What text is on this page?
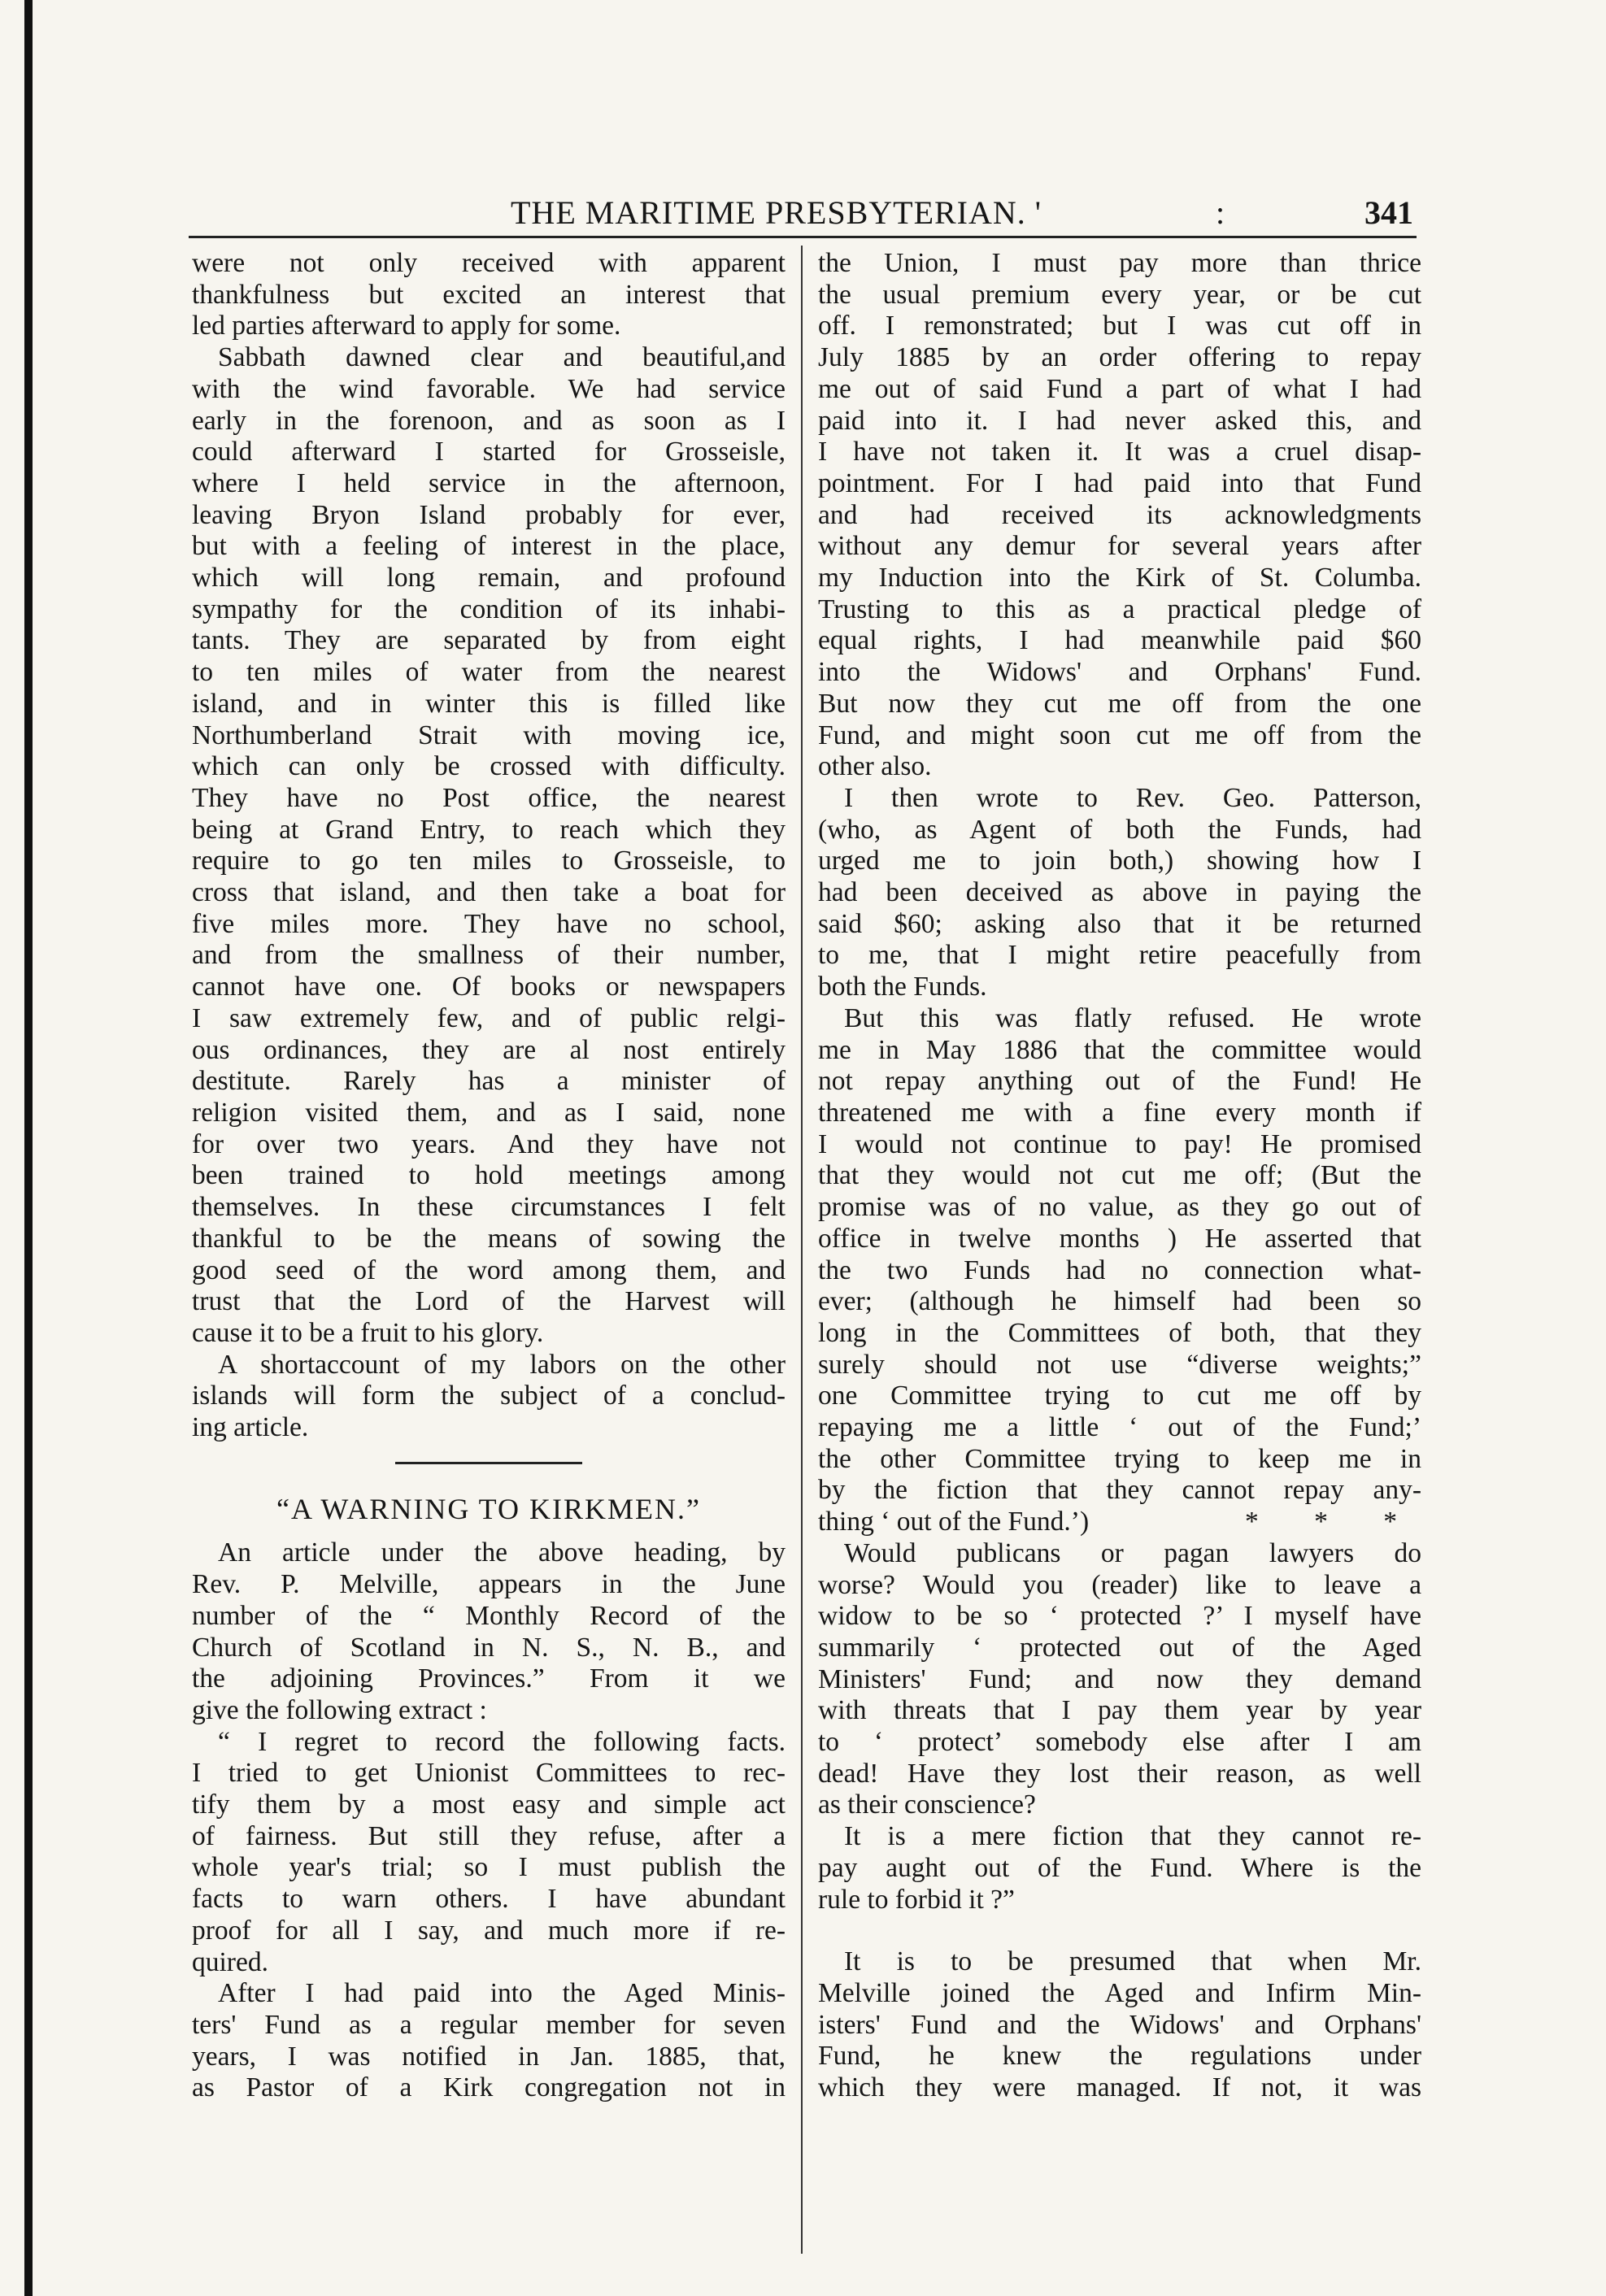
THE MARITIME PRESBYTERIAN. '	:	341
were not only received with apparent
thankfulness but excited an interest that
led parties afterward to apply for some.
Sabbath dawned clear and beautiful,and
with the wind favorable. We had service
early in the forenoon, and as soon as I
could afterward I started for Grosseisle,
where I held service in the afternoon,
leaving Bryon Island probably for ever,
but with a feeling of interest in the place,
which will long remain, and profound
sympathy for the condition of its inhabi-
tants. They are separated by from eight
to ten miles of water from the nearest
island, and in winter this is filled like
Northumberland Strait with moving ice,
which can only be crossed with difficulty.
They have no Post office, the nearest
being at Grand Entry, to reach which they
require to go ten miles to Grosseisle, to
cross that island, and then take a boat for
five miles more. They have no school,
and from the smallness of their number,
cannot have one. Of books or newspapers
I saw extremely few, and of public relgi-
ous ordinances, they are al nost entirely
destitute. Rarely has a minister of
religion visited them, and as I said, none
for over two years. And they have not
been trained to hold meetings among
themselves. In these circumstances I felt
thankful to be the means of sowing the
good seed of the word among them, and
trust that the Lord of the Harvest will
cause it to be a fruit to his glory.
A shortaccount of my labors on the other
islands will form the subject of a conclud-
ing article.
“A WARNING TO KIRKMEN.”
An article under the above heading, by
Rev. P. Melville, appears in the June
number of the “ Monthly Record of the
Church of Scotland in N. S., N. B., and
the adjoining Provinces.” From it we
give the following extract :
“ I regret to record the following facts.
I tried to get Unionist Committees to rec-
tify them by a most easy and simple act
of fairness. But still they refuse, after a
whole year's trial; so I must publish the
facts to warn others. I have abundant
proof for all I say, and much more if re-
quired.
After I had paid into the Aged Minis-
ters' Fund as a regular member for seven
years, I was notified in Jan. 1885, that,
as Pastor of a Kirk congregation not in
the Union, I must pay more than thrice
the usual premium every year, or be cut
off. I remonstrated; but I was cut off in
July 1885 by an order offering to repay
me out of said Fund a part of what I had
paid into it. I had never asked this, and
I have not taken it. It was a cruel disap-
pointment. For I had paid into that Fund
and had received its acknowledgments
without any demur for several years after
my Induction into the Kirk of St. Columba.
Trusting to this as a practical pledge of
equal rights, I had meanwhile paid $60
into the Widows' and Orphans' Fund.
But now they cut me off from the one
Fund, and might soon cut me off from the
other also.
I then wrote to Rev. Geo. Patterson,
(who, as Agent of both the Funds, had
urged me to join both,) showing how I
had been deceived as above in paying the
said $60; asking also that it be returned
to me, that I might retire peacefully from
both the Funds.
But this was flatly refused. He wrote
me in May 1886 that the committee would
not repay anything out of the Fund! He
threatened me with a fine every month if
I would not continue to pay! He promised
that they would not cut me off; (But the
promise was of no value, as they go out of
office in twelve months ) He asserted that
the two Funds had no connection what-
ever; (although he himself had been so
long in the Committees of both, that they
surely should not use “diverse weights;”
one Committee trying to cut me off by
repaying me a little ‘ out of the Fund;’
the other Committee trying to keep me in
by the fiction that they cannot repay any-
thing ‘ out of the Fund.’)	* * *
Would publicans or pagan lawyers do
worse? Would you (reader) like to leave a
widow to be so ‘ protected ?’ I myself have
summarily ‘ protected out of the Aged
Ministers' Fund; and now they demand
with threats that I pay them year by year
to ‘ protect’ somebody else after I am
dead! Have they lost their reason, as well
as their conscience?
It is a mere fiction that they cannot re-
pay aught out of the Fund. Where is the
rule to forbid it ?”
It is to be presumed that when Mr.
Melville joined the Aged and Infirm Min-
isters' Fund and the Widows' and Orphans'
Fund, he knew the regulations under
which they were managed. If not, it was
